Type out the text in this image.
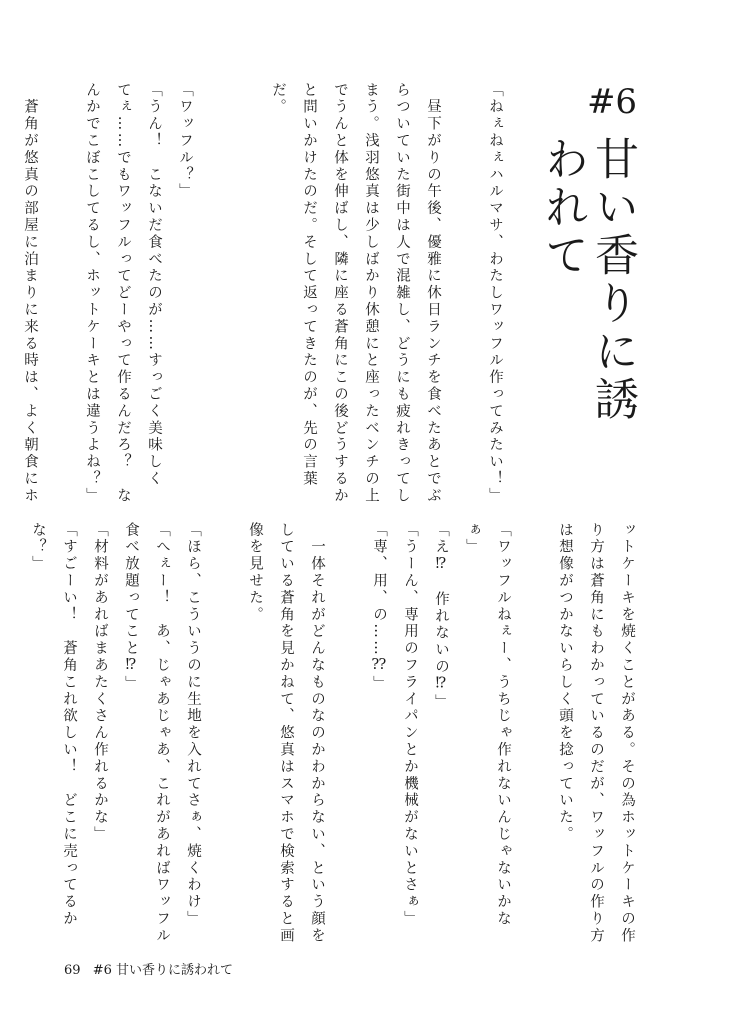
#6
甘い香りに誘われて
「ねぇねぇハルマサ、わたしワッフル作ってみたい！」
　昼下がりの午後、優雅に休日ランチを食べたあとでぶ
らついていた街中は人で混雑し、どうにも疲れきってし
まう。浅羽悠真は少しばかり休憩にと座ったベンチの上
でうんと体を伸ばし、隣に座る蒼角にこの後どうするか
と問いかけたのだ。そして返ってきたのが、先の言葉
だ。
「ワッフル？」
「うん！　こないだ食べたのが……すっごく美味しく
てぇ……でもワッフルってどーやって作るんだろ？　な
んかでこぼこしてるし、ホットケーキとは違うよね？」
　蒼角が悠真の部屋に泊まりに来る時は、よく朝食にホ
ットケーキを焼くことがある。その為ホットケーキの作
り方は蒼角にもわかっているのだが、ワッフルの作り方
は想像がつかないらしく頭を捻っていた。
「ワッフルねぇー、うちじゃ作れないんじゃないかな
ぁ」
「え⁉　作れないの⁉」
「うーん、専用のフライパンとか機械がないとさぁ」
「専、用、の……⁇」
　一体それがどんなものなのかわからない、という顔を
している蒼角を見かねて、悠真はスマホで検索すると画
像を見せた。
「ほら、こういうのに生地を入れてさぁ、焼くわけ」
「へぇー！　あ、じゃあじゃあ、これがあればワッフル
食べ放題ってこと⁉」
「材料があればまあたくさん作れるかな」
「すごーい！　蒼角これ欲しい！　どこに売ってるか
な？」
69 #6 甘い香りに誘われて
